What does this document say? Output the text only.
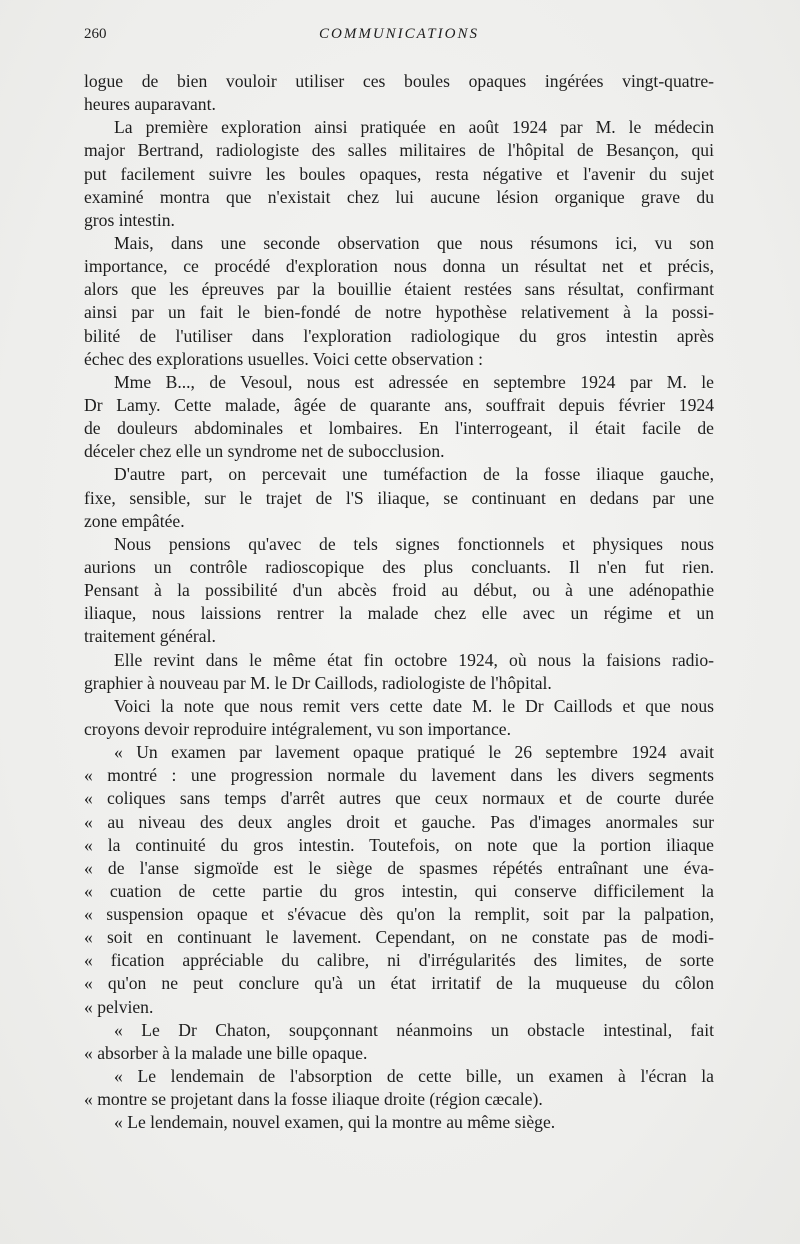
260	COMMUNICATIONS
logue de bien vouloir utiliser ces boules opaques ingérées vingt-quatre-
heures auparavant.
La première exploration ainsi pratiquée en août 1924 par M. le médecin
major Bertrand, radiologiste des salles militaires de l'hôpital de Besançon, qui
put facilement suivre les boules opaques, resta négative et l'avenir du sujet
examiné montra que n'existait chez lui aucune lésion organique grave du
gros intestin.
Mais, dans une seconde observation que nous résumons ici, vu son
importance, ce procédé d'exploration nous donna un résultat net et précis,
alors que les épreuves par la bouillie étaient restées sans résultat, confirmant
ainsi par un fait le bien-fondé de notre hypothèse relativement à la possi-
bilité de l'utiliser dans l'exploration radiologique du gros intestin après
échec des explorations usuelles. Voici cette observation :
Mme B..., de Vesoul, nous est adressée en septembre 1924 par M. le
Dr Lamy. Cette malade, âgée de quarante ans, souffrait depuis février 1924
de douleurs abdominales et lombaires. En l'interrogeant, il était facile de
déceler chez elle un syndrome net de subocclusion.
D'autre part, on percevait une tuméfaction de la fosse iliaque gauche,
fixe, sensible, sur le trajet de l'S iliaque, se continuant en dedans par une
zone empâtée.
Nous pensions qu'avec de tels signes fonctionnels et physiques nous
aurions un contrôle radioscopique des plus concluants. Il n'en fut rien.
Pensant à la possibilité d'un abcès froid au début, ou à une adénopathie
iliaque, nous laissions rentrer la malade chez elle avec un régime et un
traitement général.
Elle revint dans le même état fin octobre 1924, où nous la faisions radio-
graphier à nouveau par M. le Dr Caillods, radiologiste de l'hôpital.
Voici la note que nous remit vers cette date M. le Dr Caillods et que nous
croyons devoir reproduire intégralement, vu son importance.
« Un examen par lavement opaque pratiqué le 26 septembre 1924 avait
« montré : une progression normale du lavement dans les divers segments
« coliques sans temps d'arrêt autres que ceux normaux et de courte durée
« au niveau des deux angles droit et gauche. Pas d'images anormales sur
« la continuité du gros intestin. Toutefois, on note que la portion iliaque
« de l'anse sigmoïde est le siège de spasmes répétés entraînant une éva-
« cuation de cette partie du gros intestin, qui conserve difficilement la
« suspension opaque et s'évacue dès qu'on la remplit, soit par la palpation,
« soit en continuant le lavement. Cependant, on ne constate pas de modi-
« fication appréciable du calibre, ni d'irrégularités des limites, de sorte
« qu'on ne peut conclure qu'à un état irritatif de la muqueuse du côlon
« pelvien.
« Le Dr Chaton, soupçonnant néanmoins un obstacle intestinal, fait
« absorber à la malade une bille opaque.
« Le lendemain de l'absorption de cette bille, un examen à l'écran la
« montre se projetant dans la fosse iliaque droite (région cæcale).
« Le lendemain, nouvel examen, qui la montre au même siège.
